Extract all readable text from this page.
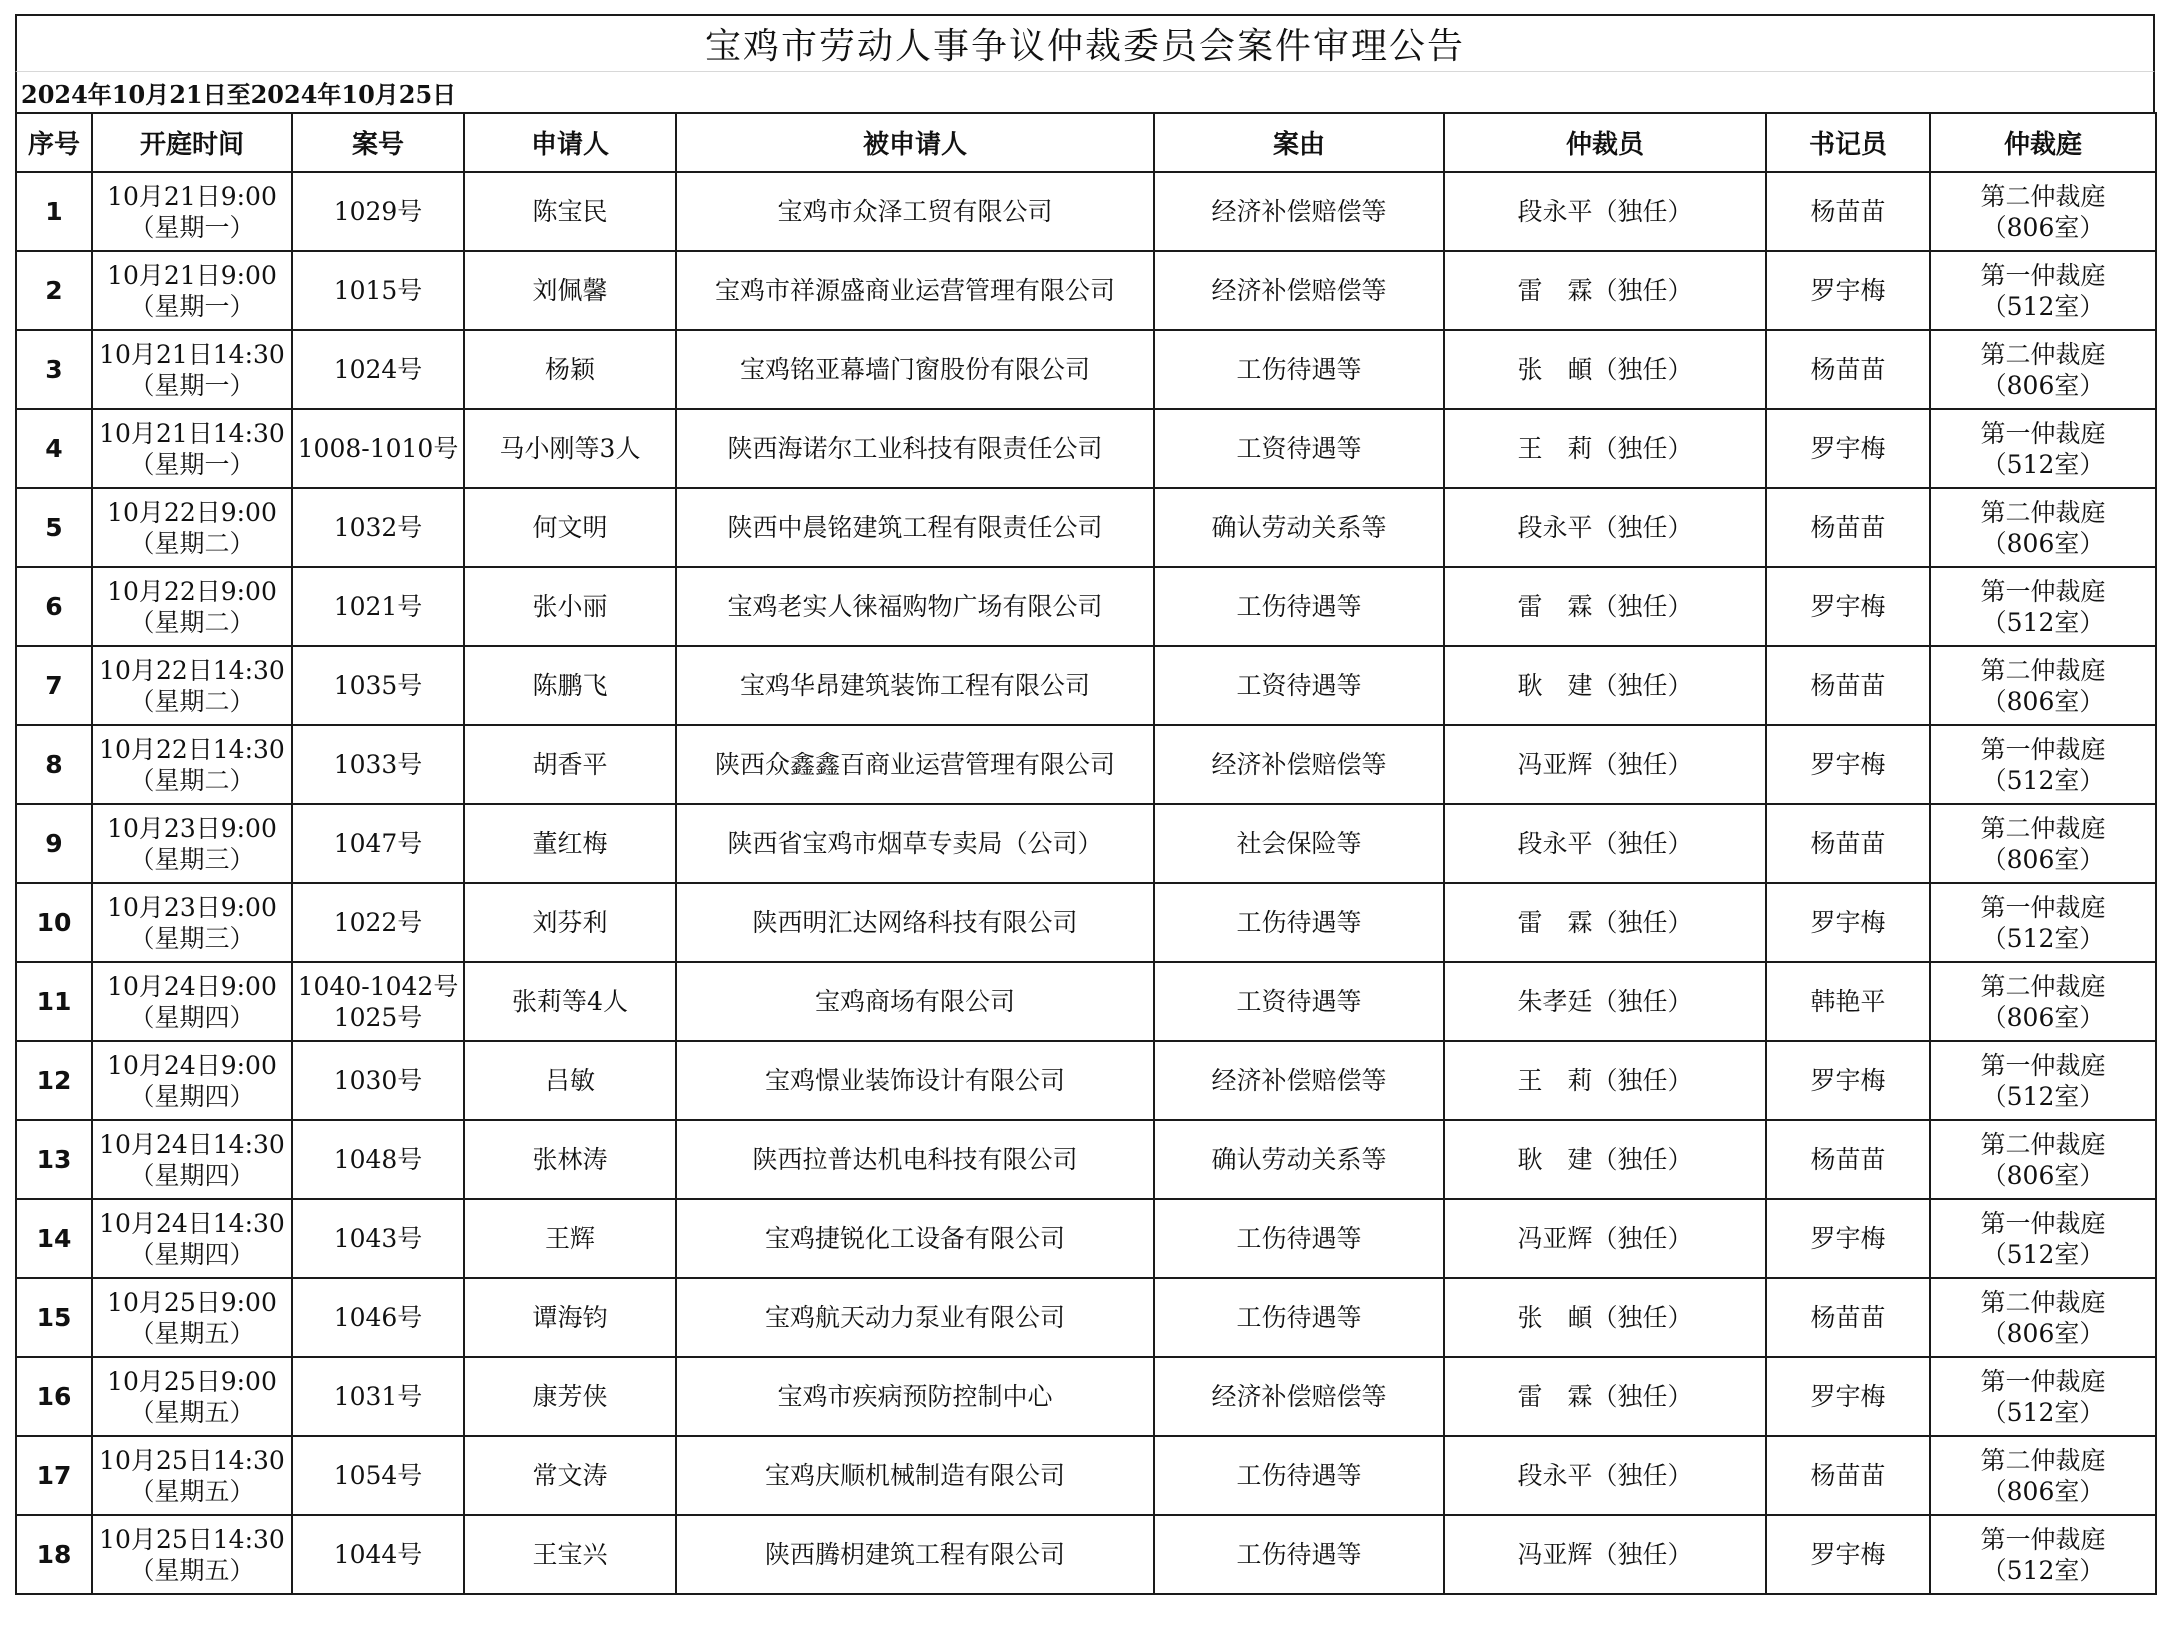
宝鸡市劳动人事争议仲裁委员会案件审理公告
2024年10月21日至2024年10月25日
序号	开庭时间	案号	申请人	被申请人	案由	仲裁员	书记员	仲裁庭
1	10月21日9:00
（星期一）	1029号	陈宝民	宝鸡市众泽工贸有限公司	经济补偿赔偿等	段永平（独任）	杨苗苗	第二仲裁庭
（806室）

2	10月21日9:00
（星期一）	1015号	刘佩馨	宝鸡市祥源盛商业运营管理有限公司	经济补偿赔偿等	雷　霖（独任）	罗宇梅	第一仲裁庭
（512室）

3	10月21日14:30
（星期一）	1024号	杨颖	宝鸡铭亚幕墙门窗股份有限公司	工伤待遇等	张　頔（独任）	杨苗苗	第二仲裁庭
（806室）

4	10月21日14:30
（星期一）	1008-1010号	马小刚等3人	陕西海诺尔工业科技有限责任公司	工资待遇等	王　莉（独任）	罗宇梅	第一仲裁庭
（512室）

5	10月22日9:00
（星期二）	1032号	何文明	陕西中晨铭建筑工程有限责任公司	确认劳动关系等	段永平（独任）	杨苗苗	第二仲裁庭
（806室）

6	10月22日9:00
（星期二）	1021号	张小丽	宝鸡老实人徕福购物广场有限公司	工伤待遇等	雷　霖（独任）	罗宇梅	第一仲裁庭
（512室）

7	10月22日14:30
（星期二）	1035号	陈鹏飞	宝鸡华昂建筑装饰工程有限公司	工资待遇等	耿　建（独任）	杨苗苗	第二仲裁庭
（806室）

8	10月22日14:30
（星期二）	1033号	胡香平	陕西众鑫鑫百商业运营管理有限公司	经济补偿赔偿等	冯亚辉（独任）	罗宇梅	第一仲裁庭
（512室）

9	10月23日9:00
（星期三）	1047号	董红梅	陕西省宝鸡市烟草专卖局（公司）	社会保险等	段永平（独任）	杨苗苗	第二仲裁庭
（806室）

10	10月23日9:00
（星期三）	1022号	刘芬利	陕西明汇达网络科技有限公司	工伤待遇等	雷　霖（独任）	罗宇梅	第一仲裁庭
（512室）

11	10月24日9:00
（星期四）	1040-1042号
1025号	张莉等4人	宝鸡商场有限公司	工资待遇等	朱孝廷（独任）	韩艳平	第二仲裁庭
（806室）

12	10月24日9:00
（星期四）	1030号	吕敏	宝鸡憬业装饰设计有限公司	经济补偿赔偿等	王　莉（独任）	罗宇梅	第一仲裁庭
（512室）

13	10月24日14:30
（星期四）	1048号	张林涛	陕西拉普达机电科技有限公司	确认劳动关系等	耿　建（独任）	杨苗苗	第二仲裁庭
（806室）

14	10月24日14:30
（星期四）	1043号	王辉	宝鸡捷锐化工设备有限公司	工伤待遇等	冯亚辉（独任）	罗宇梅	第一仲裁庭
（512室）

15	10月25日9:00
（星期五）	1046号	谭海钧	宝鸡航天动力泵业有限公司	工伤待遇等	张　頔（独任）	杨苗苗	第二仲裁庭
（806室）

16	10月25日9:00
（星期五）	1031号	康芳侠	宝鸡市疾病预防控制中心	经济补偿赔偿等	雷　霖（独任）	罗宇梅	第一仲裁庭
（512室）

17	10月25日14:30
（星期五）	1054号	常文涛	宝鸡庆顺机械制造有限公司	工伤待遇等	段永平（独任）	杨苗苗	第二仲裁庭
（806室）

18	10月25日14:30
（星期五）	1044号	王宝兴	陕西腾枂建筑工程有限公司	工伤待遇等	冯亚辉（独任）	罗宇梅	第一仲裁庭
（512室）
